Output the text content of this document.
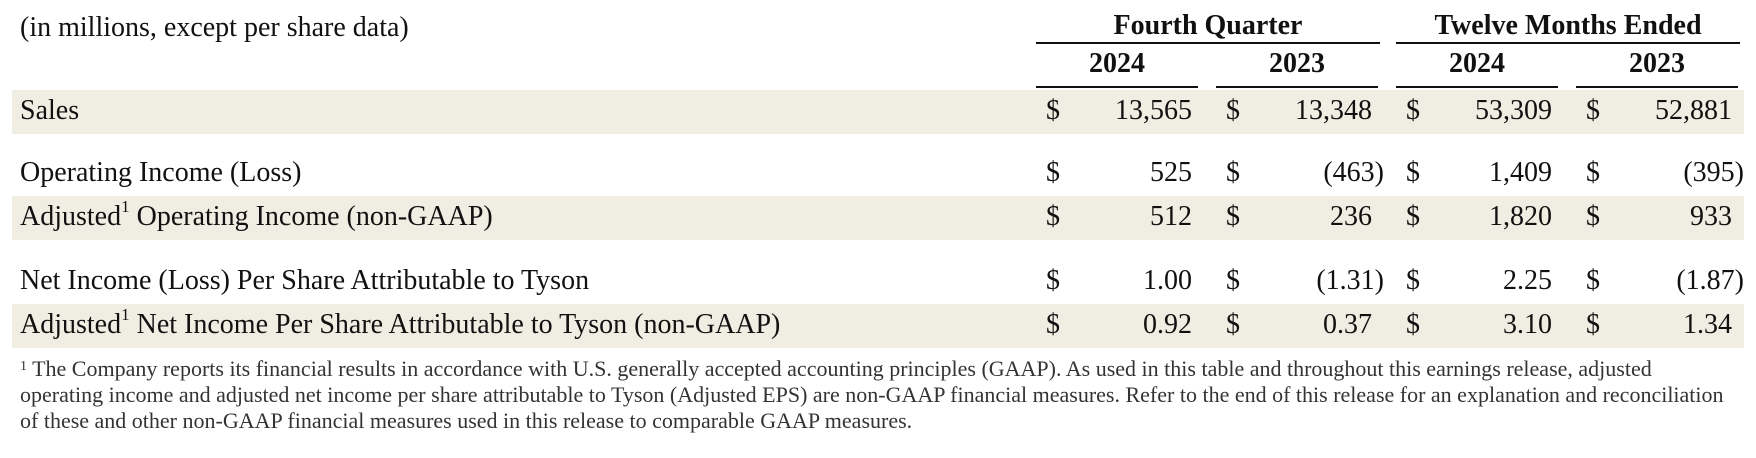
(in millions, except per share data)	Fourth Quarter	Twelve Months Ended
2024	2023	2024	2023
Sales	$	13,565 $	13,348 $	53,309 $	52,881
Operating Income (Loss)	$	525 $	(463) $	1,409 $	(395)
Adjusted$^1$ Operating Income (non-GAAP)	$	512 $	236 $	1,820 $	933
Net Income (Loss) Per Share Attributable to Tyson	$	1.00 $	(1.31) $	2.25 $	(1.87)
Adjusted$^1$ Net Income Per Share Attributable to Tyson (non-GAAP)	$	0.92 $	0.37 $	3.10 $	1.34
$^1$ The Company reports its financial results in accordance with U.S. generally accepted accounting principles (GAAP). As used in this table and throughout this earnings release, adjusted operating income and adjusted net income per share attributable to Tyson (Adjusted EPS) are non-GAAP financial measures. Refer to the end of this release for an explanation and reconciliation of these and other non-GAAP financial measures used in this release to comparable GAAP measures.
